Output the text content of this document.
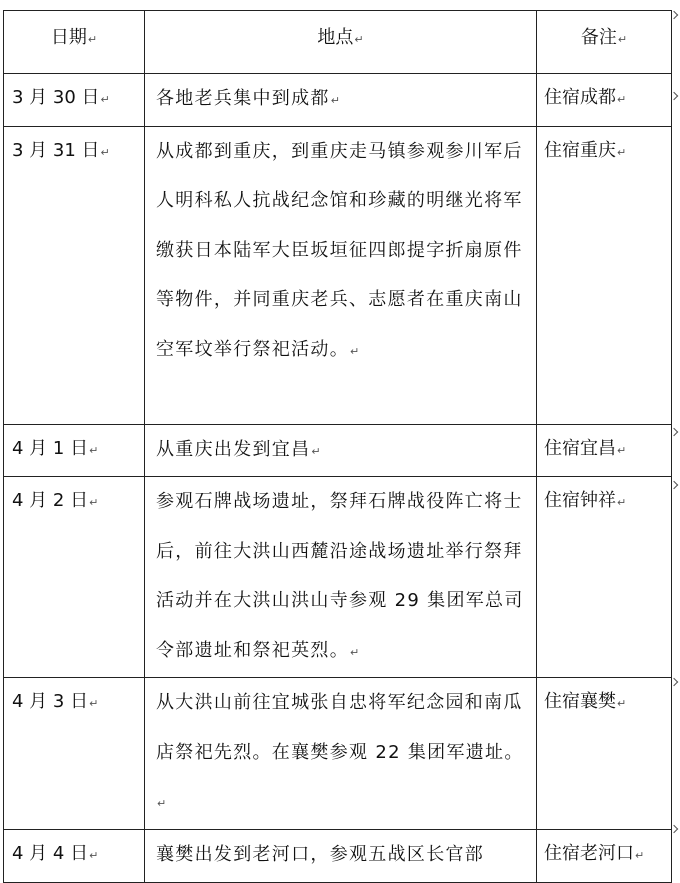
日期↵	地点↵	备注↵

3 月 30 日↵	各地老兵集中到成都↵	住宿成都↵

3 月 31 日↵	从成都到重庆，到重庆走马镇参观参川军后人明科私人抗战纪念馆和珍藏的明继光将军缴获日本陆军大臣坂垣征四郎提字折扇原件等物件，并同重庆老兵、志愿者在重庆南山空军坟举行祭祀活动。↵	住宿重庆↵

4 月 1 日↵	从重庆出发到宜昌↵	住宿宜昌↵

4 月 2 日↵	参观石牌战场遗址，祭拜石牌战役阵亡将士后，前往大洪山西麓沿途战场遗址举行祭拜活动并在大洪山洪山寺参观 29 集团军总司令部遗址和祭祀英烈。↵	住宿钟祥↵

4 月 3 日↵	从大洪山前往宜城张自忠将军纪念园和南瓜店祭祀先烈。在襄樊参观 22 集团军遗址。↵	住宿襄樊↵

4 月 4 日↵	襄樊出发到老河口，参观五战区长官部	住宿老河口↵
